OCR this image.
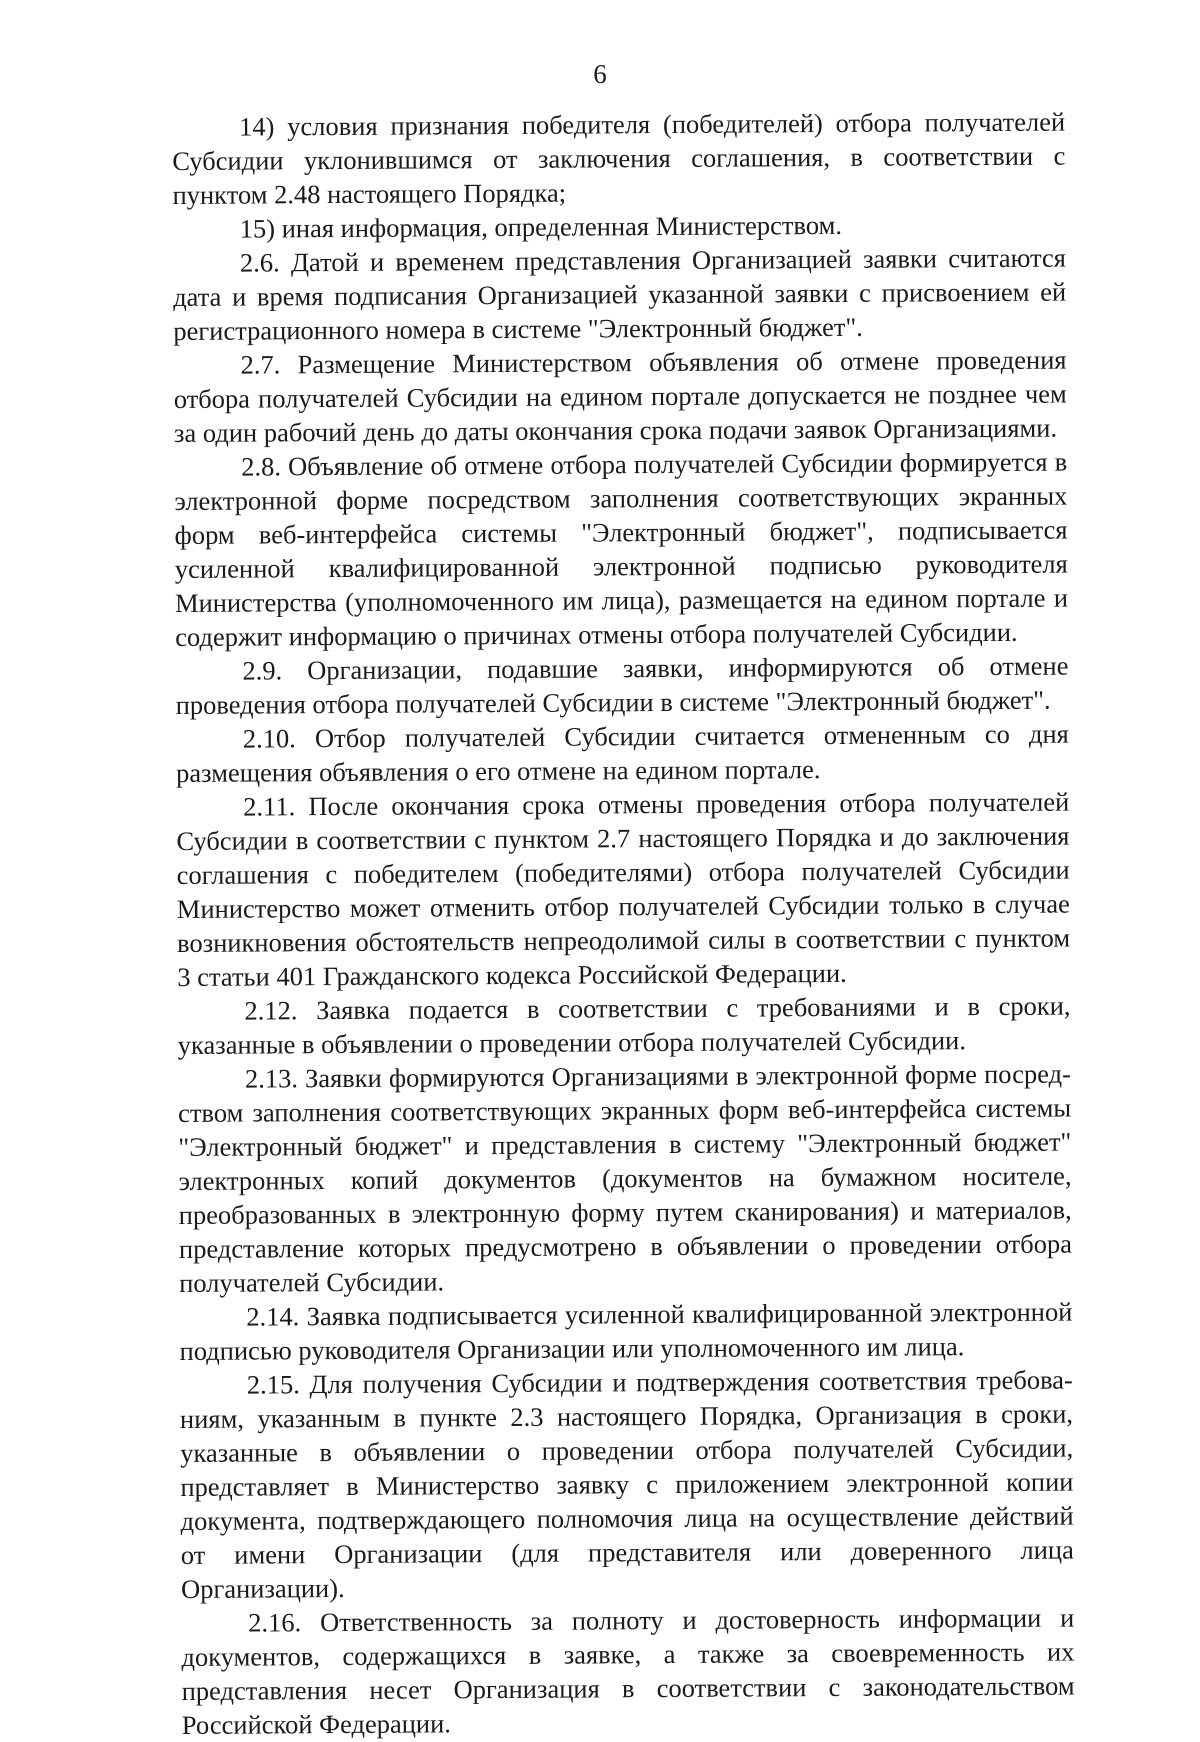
6

14) условия признания победителя (победителей) отбора получателей Субсидии уклонившимся от заключения соглашения, в соответствии с пунктом 2.48 настоящего Порядка;

15) иная информация, определенная Министерством.

2.6. Датой и временем представления Организацией заявки считаются дата и время подписания Организацией указанной заявки с присвоением ей регистрационного номера в системе "Электронный бюджет".

2.7. Размещение Министерством объявления об отмене проведения отбора получателей Субсидии на едином портале допускается не позднее чем за один рабочий день до даты окончания срока подачи заявок Организациями.

2.8. Объявление об отмене отбора получателей Субсидии формируется в электронной форме посредством заполнения соответствующих экранных форм веб-интерфейса системы "Электронный бюджет", подписывается усиленной квалифицированной электронной подписью руководителя Министерства (уполномоченного им лица), размещается на едином портале и содержит информацию о причинах отмены отбора получателей Субсидии.

2.9. Организации, подавшие заявки, информируются об отмене проведения отбора получателей Субсидии в системе "Электронный бюджет".

2.10. Отбор получателей Субсидии считается отмененным со дня размещения объявления о его отмене на едином портале.

2.11. После окончания срока отмены проведения отбора получателей Субсидии в соответствии с пунктом 2.7 настоящего Порядка и до заключения соглашения с победителем (победителями) отбора получателей Субсидии Министерство может отменить отбор получателей Субсидии только в случае возникновения обстоятельств непреодолимой силы в соответствии с пунктом 3 статьи 401 Гражданского кодекса Российской Федерации.

2.12. Заявка подается в соответствии с требованиями и в сроки, указанные в объявлении о проведении отбора получателей Субсидии.

2.13. Заявки формируются Организациями в электронной форме посредством заполнения соответствующих экранных форм веб-интерфейса системы "Электронный бюджет" и представления в систему "Электронный бюджет" электронных копий документов (документов на бумажном носителе, преобразованных в электронную форму путем сканирования) и материалов, представление которых предусмотрено в объявлении о проведении отбора получателей Субсидии.

2.14. Заявка подписывается усиленной квалифицированной электронной подписью руководителя Организации или уполномоченного им лица.

2.15. Для получения Субсидии и подтверждения соответствия требованиям, указанным в пункте 2.3 настоящего Порядка, Организация в сроки, указанные в объявлении о проведении отбора получателей Субсидии, представляет в Министерство заявку с приложением электронной копии документа, подтверждающего полномочия лица на осуществление действий от имени Организации (для представителя или доверенного лица Организации).

2.16. Ответственность за полноту и достоверность информации и документов, содержащихся в заявке, а также за своевременность их представления несет Организация в соответствии с законодательством Российской Федерации.
